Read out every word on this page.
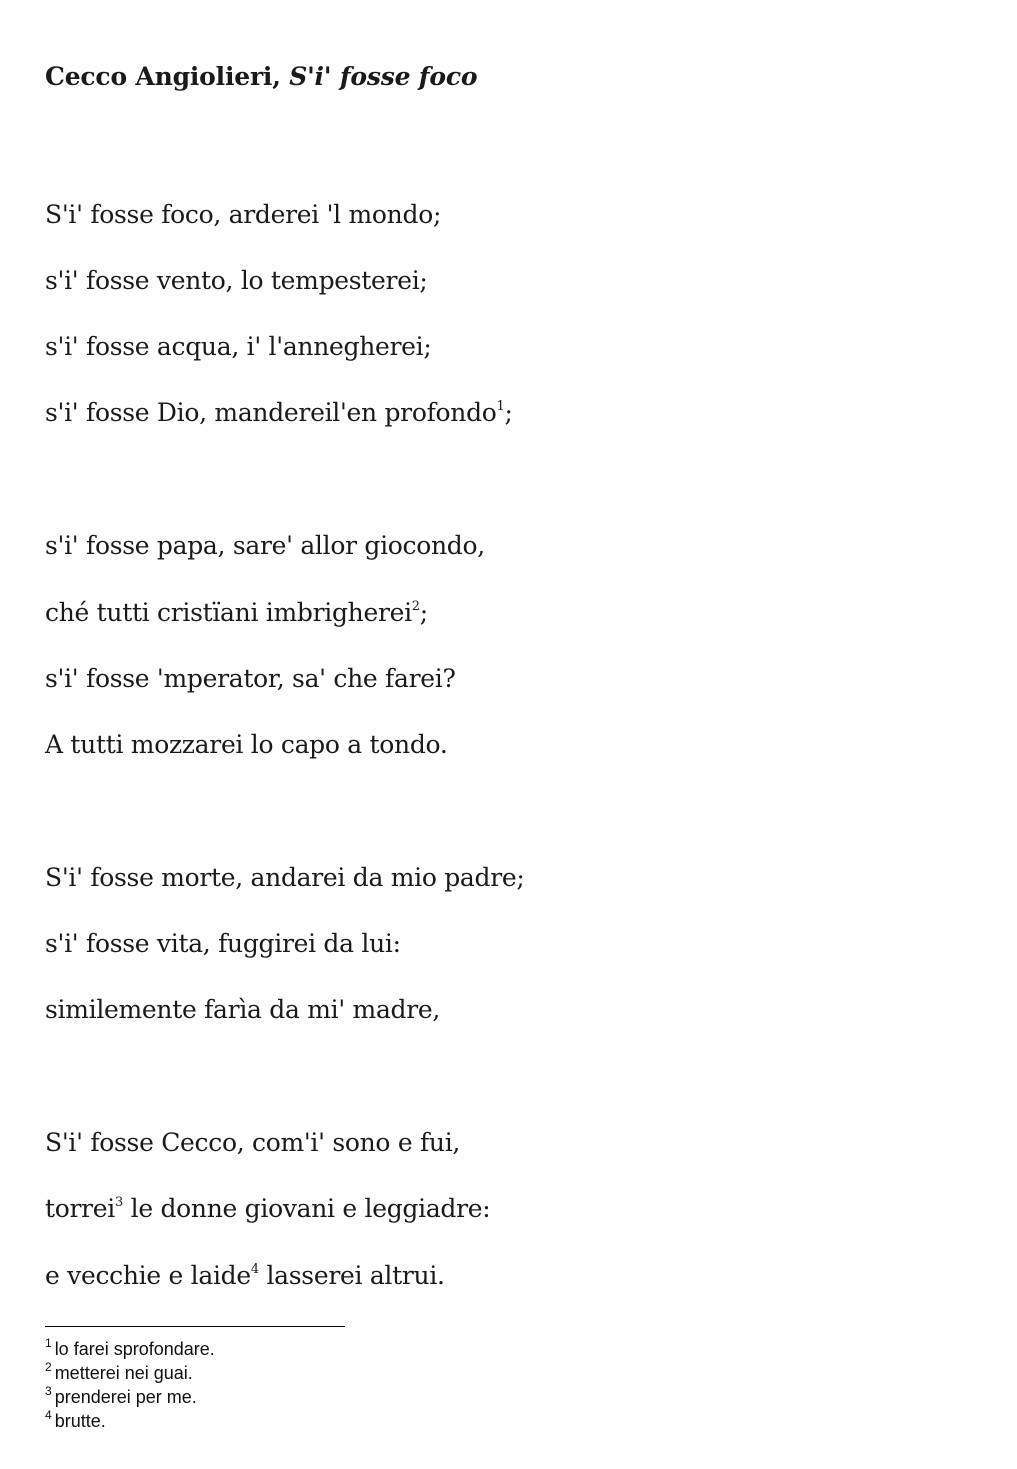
Cecco Angiolieri, S'i' fosse foco
S'i' fosse foco, arderei 'l mondo;
s'i' fosse vento, lo tempesterei;
s'i' fosse acqua, i' l'annegherei;
s'i' fosse Dio, mandereil'en profondo$^1$;
s'i' fosse papa, sare' allor giocondo,
ché tutti cristïani imbrigherei$^2$;
s'i' fosse 'mperator, sa' che farei?
A tutti mozzarei lo capo a tondo.
S'i' fosse morte, andarei da mio padre;
s'i' fosse vita, fuggirei da lui:
similemente farìa da mi' madre,
S'i' fosse Cecco, com'i' sono e fui,
torrei$^3$ le donne giovani e leggiadre:
e vecchie e laide$^4$ lasserei altrui.
$^1$ lo farei sprofondare.
$^2$ metterei nei guai.
$^3$ prenderei per me.
$^4$ brutte.
